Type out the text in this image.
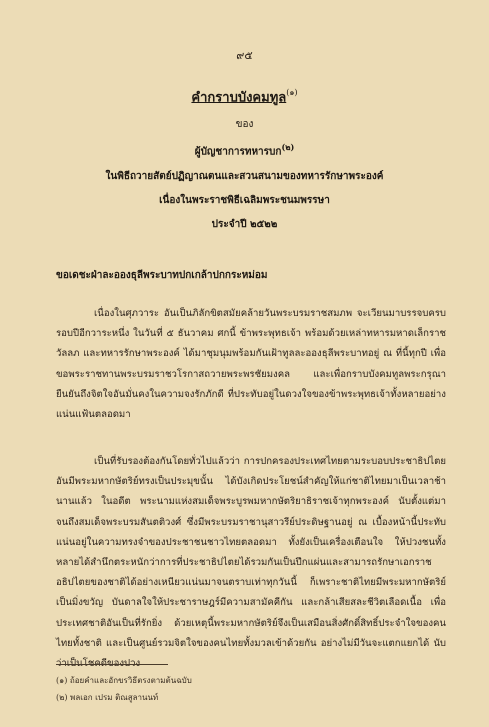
๙๕
คำกราบบังคมทูล$^{(๑)}$
ของ
ผู้บัญชาการทหารบก$^{(๒)}$
ในพิธีถวายสัตย์ปฏิญาณตนและสวนสนามของทหารรักษาพระองค์
เนื่องในพระราชพิธีเฉลิมพระชนมพรรษา
ประจำปี ๒๕๒๒
ขอเดชะฝ่าละอองธุลีพระบาทปกเกล้าปกกระหม่อม
เนื่องในศุภวาระ อันเป็นภิลักขิตสมัยคล้ายวันพระบรมราชสมภพ จะเวียนมาบรรจบครบรอบปีอีกวาระหนึ่ง ในวันที่ ๕ ธันวาคม ศกนี้ ข้าพระพุทธเจ้า พร้อมด้วยเหล่าทหารมหาดเล็กราชวัลลภ และทหารรักษาพระองค์ ได้มาชุมนุมพร้อมกันเฝ้าทูลละอองธุลีพระบาทอยู่ ณ ที่นี้ทุกปี เพื่อขอพระราชทานพระบรมราชวโรกาสถวายพระพรชัยมงคล และเพื่อกราบบังคมทูลพระกรุณายืนยันถึงจิตใจอันมั่นคงในความจงรักภักดี ที่ประทับอยู่ในดวงใจของข้าพระพุทธเจ้าทั้งหลายอย่างแน่นแฟ้นตลอดมา
เป็นที่รับรองต้องกันโดยทั่วไปแล้วว่า การปกครองประเทศไทยตามระบอบประชาธิปไตย อันมีพระมหากษัตริย์ทรงเป็นประมุขนั้น ได้บังเกิดประโยชน์สำคัญให้แก่ชาติไทยมาเป็นเวลาช้านานแล้ว ในอดีต พระนามแห่งสมเด็จพระบูรพมหากษัตริยาธิราชเจ้าทุกพระองค์ นับตั้งแต่มาจนถึงสมเด็จพระบรมสันตติวงศ์ ซึ่งมีพระบรมราชานุสาวรีย์ประดิษฐานอยู่ ณ เบื้องหน้านี้ประทับแน่นอยู่ในความทรงจำของประชาชนชาวไทยตลอดมา ทั้งยังเป็นเครื่องเตือนใจ ให้ปวงชนทั้งหลายได้สำนึกตระหนักว่าการที่ประชาธิปไตยได้รวมกันเป็นปึกแผ่นและสามารถรักษาเอกราชอธิปไตยของชาติได้อย่างเหนียวแน่นมาจนตราบเท่าทุกวันนี้ ก็เพราะชาติไทยมีพระมหากษัตริย์เป็นมิ่งขวัญ บันดาลใจให้ประชาราษฎร์มีความสามัคคีกัน และกล้าเสียสละชีวิตเลือดเนื้อ เพื่อประเทศชาติอันเป็นที่รักยิ่ง ด้วยเหตุนี้พระมหากษัตริย์จึงเป็นเสมือนสิ่งศักดิ์สิทธิ์ประจำใจของคนไทยทั้งชาติ และเป็นศูนย์รวมจิตใจของคนไทยทั้งมวลเข้าด้วยกัน อย่างไม่มีวันจะแตกแยกได้ นับ
(๑) ถ้อยคำและอักขรวิธีตรงตามต้นฉบับ
(๒) พลเอก เปรม ติณสูลานนท์
